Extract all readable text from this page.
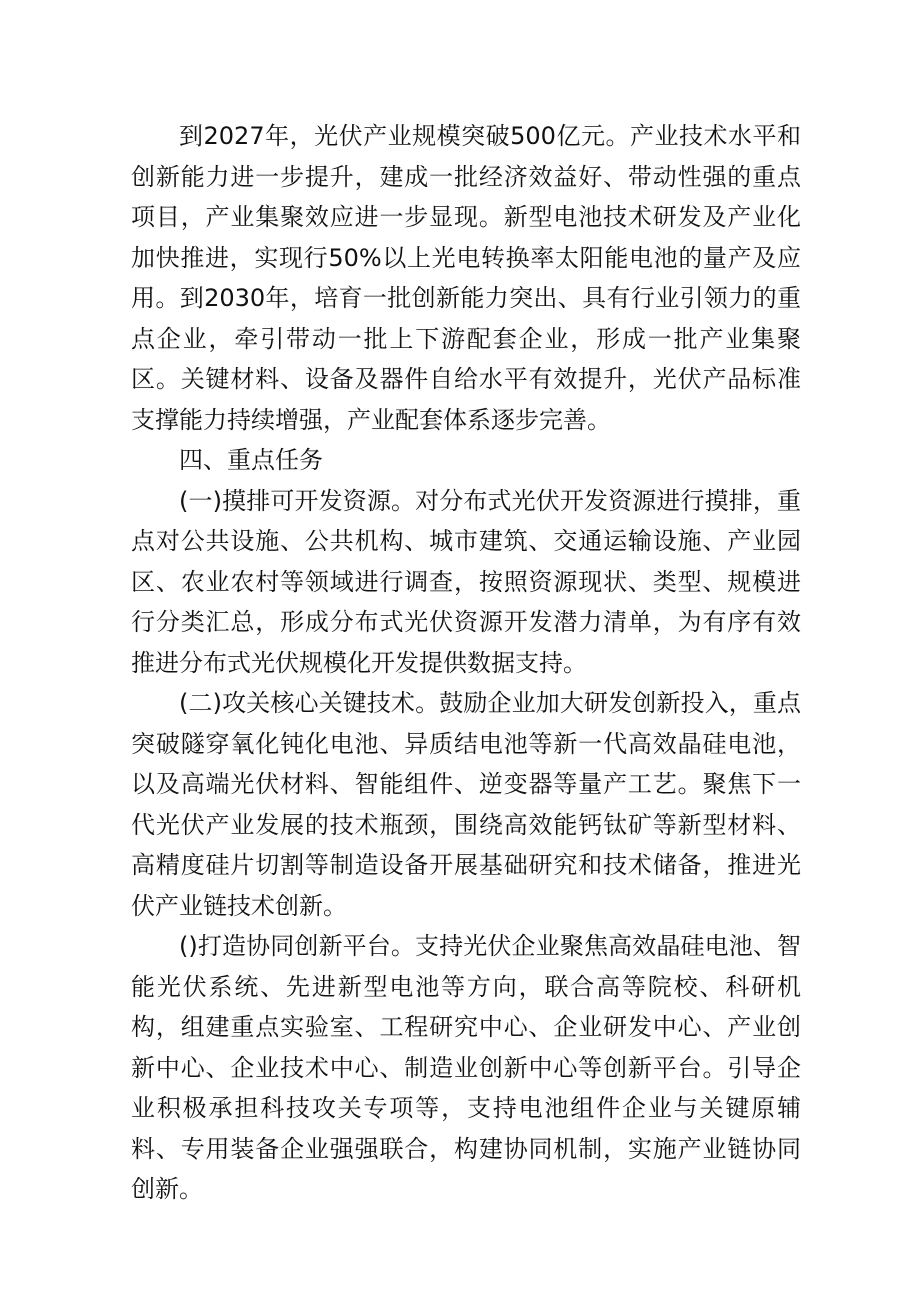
到2027年，光伏产业规模突破500亿元。产业技术水平和创新能力进一步提升，建成一批经济效益好、带动性强的重点项目，产业集聚效应进一步显现。新型电池技术研发及产业化加快推进，实现行50%以上光电转换率太阳能电池的量产及应用。到2030年，培育一批创新能力突出、具有行业引领力的重点企业，牵引带动一批上下游配套企业，形成一批产业集聚区。关键材料、设备及器件自给水平有效提升，光伏产品标准支撑能力持续增强，产业配套体系逐步完善。

四、重点任务

(一)摸排可开发资源。对分布式光伏开发资源进行摸排，重点对公共设施、公共机构、城市建筑、交通运输设施、产业园区、农业农村等领域进行调查，按照资源现状、类型、规模进行分类汇总，形成分布式光伏资源开发潜力清单，为有序有效推进分布式光伏规模化开发提供数据支持。

(二)攻关核心关键技术。鼓励企业加大研发创新投入，重点突破隧穿氧化钝化电池、异质结电池等新一代高效晶硅电池，以及高端光伏材料、智能组件、逆变器等量产工艺。聚焦下一代光伏产业发展的技术瓶颈，围绕高效能钙钛矿等新型材料、高精度硅片切割等制造设备开展基础研究和技术储备，推进光伏产业链技术创新。

()打造协同创新平台。支持光伏企业聚焦高效晶硅电池、智能光伏系统、先进新型电池等方向，联合高等院校、科研机构，组建重点实验室、工程研究中心、企业研发中心、产业创新中心、企业技术中心、制造业创新中心等创新平台。引导企业积极承担科技攻关专项等，支持电池组件企业与关键原辅料、专用装备企业强强联合，构建协同机制，实施产业链协同创新。
